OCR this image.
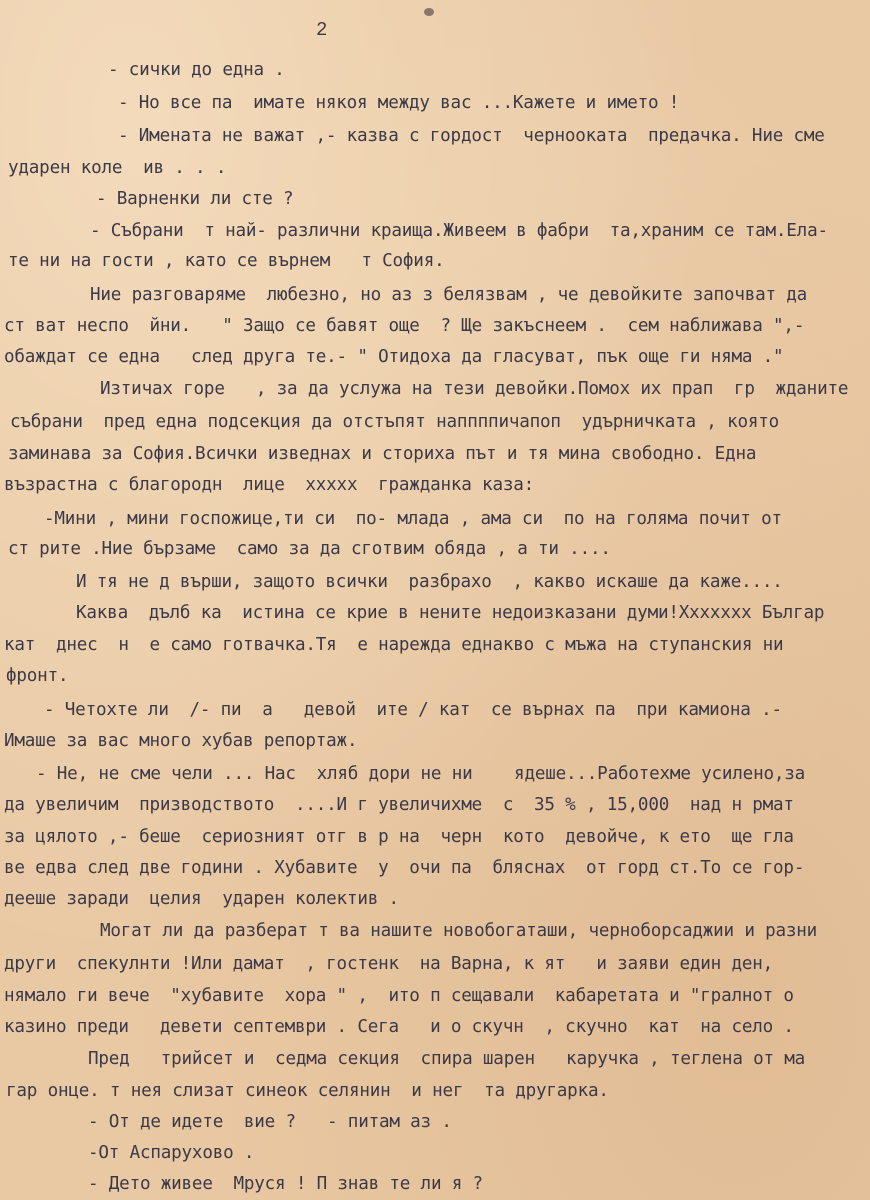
2
- сички до една .
- Но все па  имате някоя между вас ...Кажете и името !
- Имената не важат ,- казва с гордост  чернооката  предачка. Ние сме
ударен коле  ив . . .
- Варненки ли сте ?
- Събрани  т най- различни краища.Живеем в фабри  та,храним се там.Ела-
те ни на гости , като се върнем   т София.
Ние разговаряме  любезно, но аз з белязвам , че девойките започват да
ст ват неспо  йни.   " Защо се бавят още  ? Ще закъснеем .  сем наближава ",-
обаждат се една   след друга те.- " Отидоха да гласуват, пък още ги няма ."
Изтичах горе   , за да услужа на тези девойки.Помох их прап  гр  жданите
събрани  пред една подсекция да отстъпят наппппичапоп  удърничката , която
заминава за София.Всички изведнах и сториха път и тя мина свободно. Една
възрастна с благородн  лице  ххххх  гражданка каза:
-Мини , мини госпожице,ти си  по- млада , ама си  по на голяма почит от
ст рите .Ние бързаме  само за да сготвим обяда , а ти ....
И тя не д върши, защото всички  разбрахо  , какво искаше да каже....
Каква  дълб ка  истина се крие в нените недоизказани думи!Ххххххх Българ
кат  днес  н  е само готвачка.Тя  е нарежда еднакво с мъжа на ступанския ни
фронт.
- Четохте ли  /- пи  а   девой  ите / кат  се върнах па  при камиона .-
Имаше за вас много хубав репортаж.
- Не, не сме чели ... Нас  хляб дори не ни    ядеше...Работехме усилено,за
да увеличим  призводството  ....И г увеличихме  с  35 % , 15,000  над н рмат
за цялото ,- беше  сериозният отг в р на  черн  кото  девойче, к ето  ще гла
ве едва след две години . Хубавите  у  очи па  бляснах  от горд ст.То се гор-
дееше заради  целия  ударен колектив .
Могат ли да разберат т ва нашите новобогаташи, черноборсаджии и разни
други  спекулнти !Или дамат  , гостенк  на Варна, к ят   и заяви един ден,
нямало ги вече  "хубавите  хора " ,  ито п сещавали  кабаретата и "гралнот о
казино преди   девети септември . Сега   и о скучн  , скучно  кат  на село .
Пред   трийсет и  седма секция  спира шарен   каручка , теглена от ма
гар онце. т нея слизат синеок селянин  и нег  та другарка.
- От де идете  вие ?   - питам аз .
-От Аспарухово .
- Дето живее  Мруся ! П знав те ли я ?
